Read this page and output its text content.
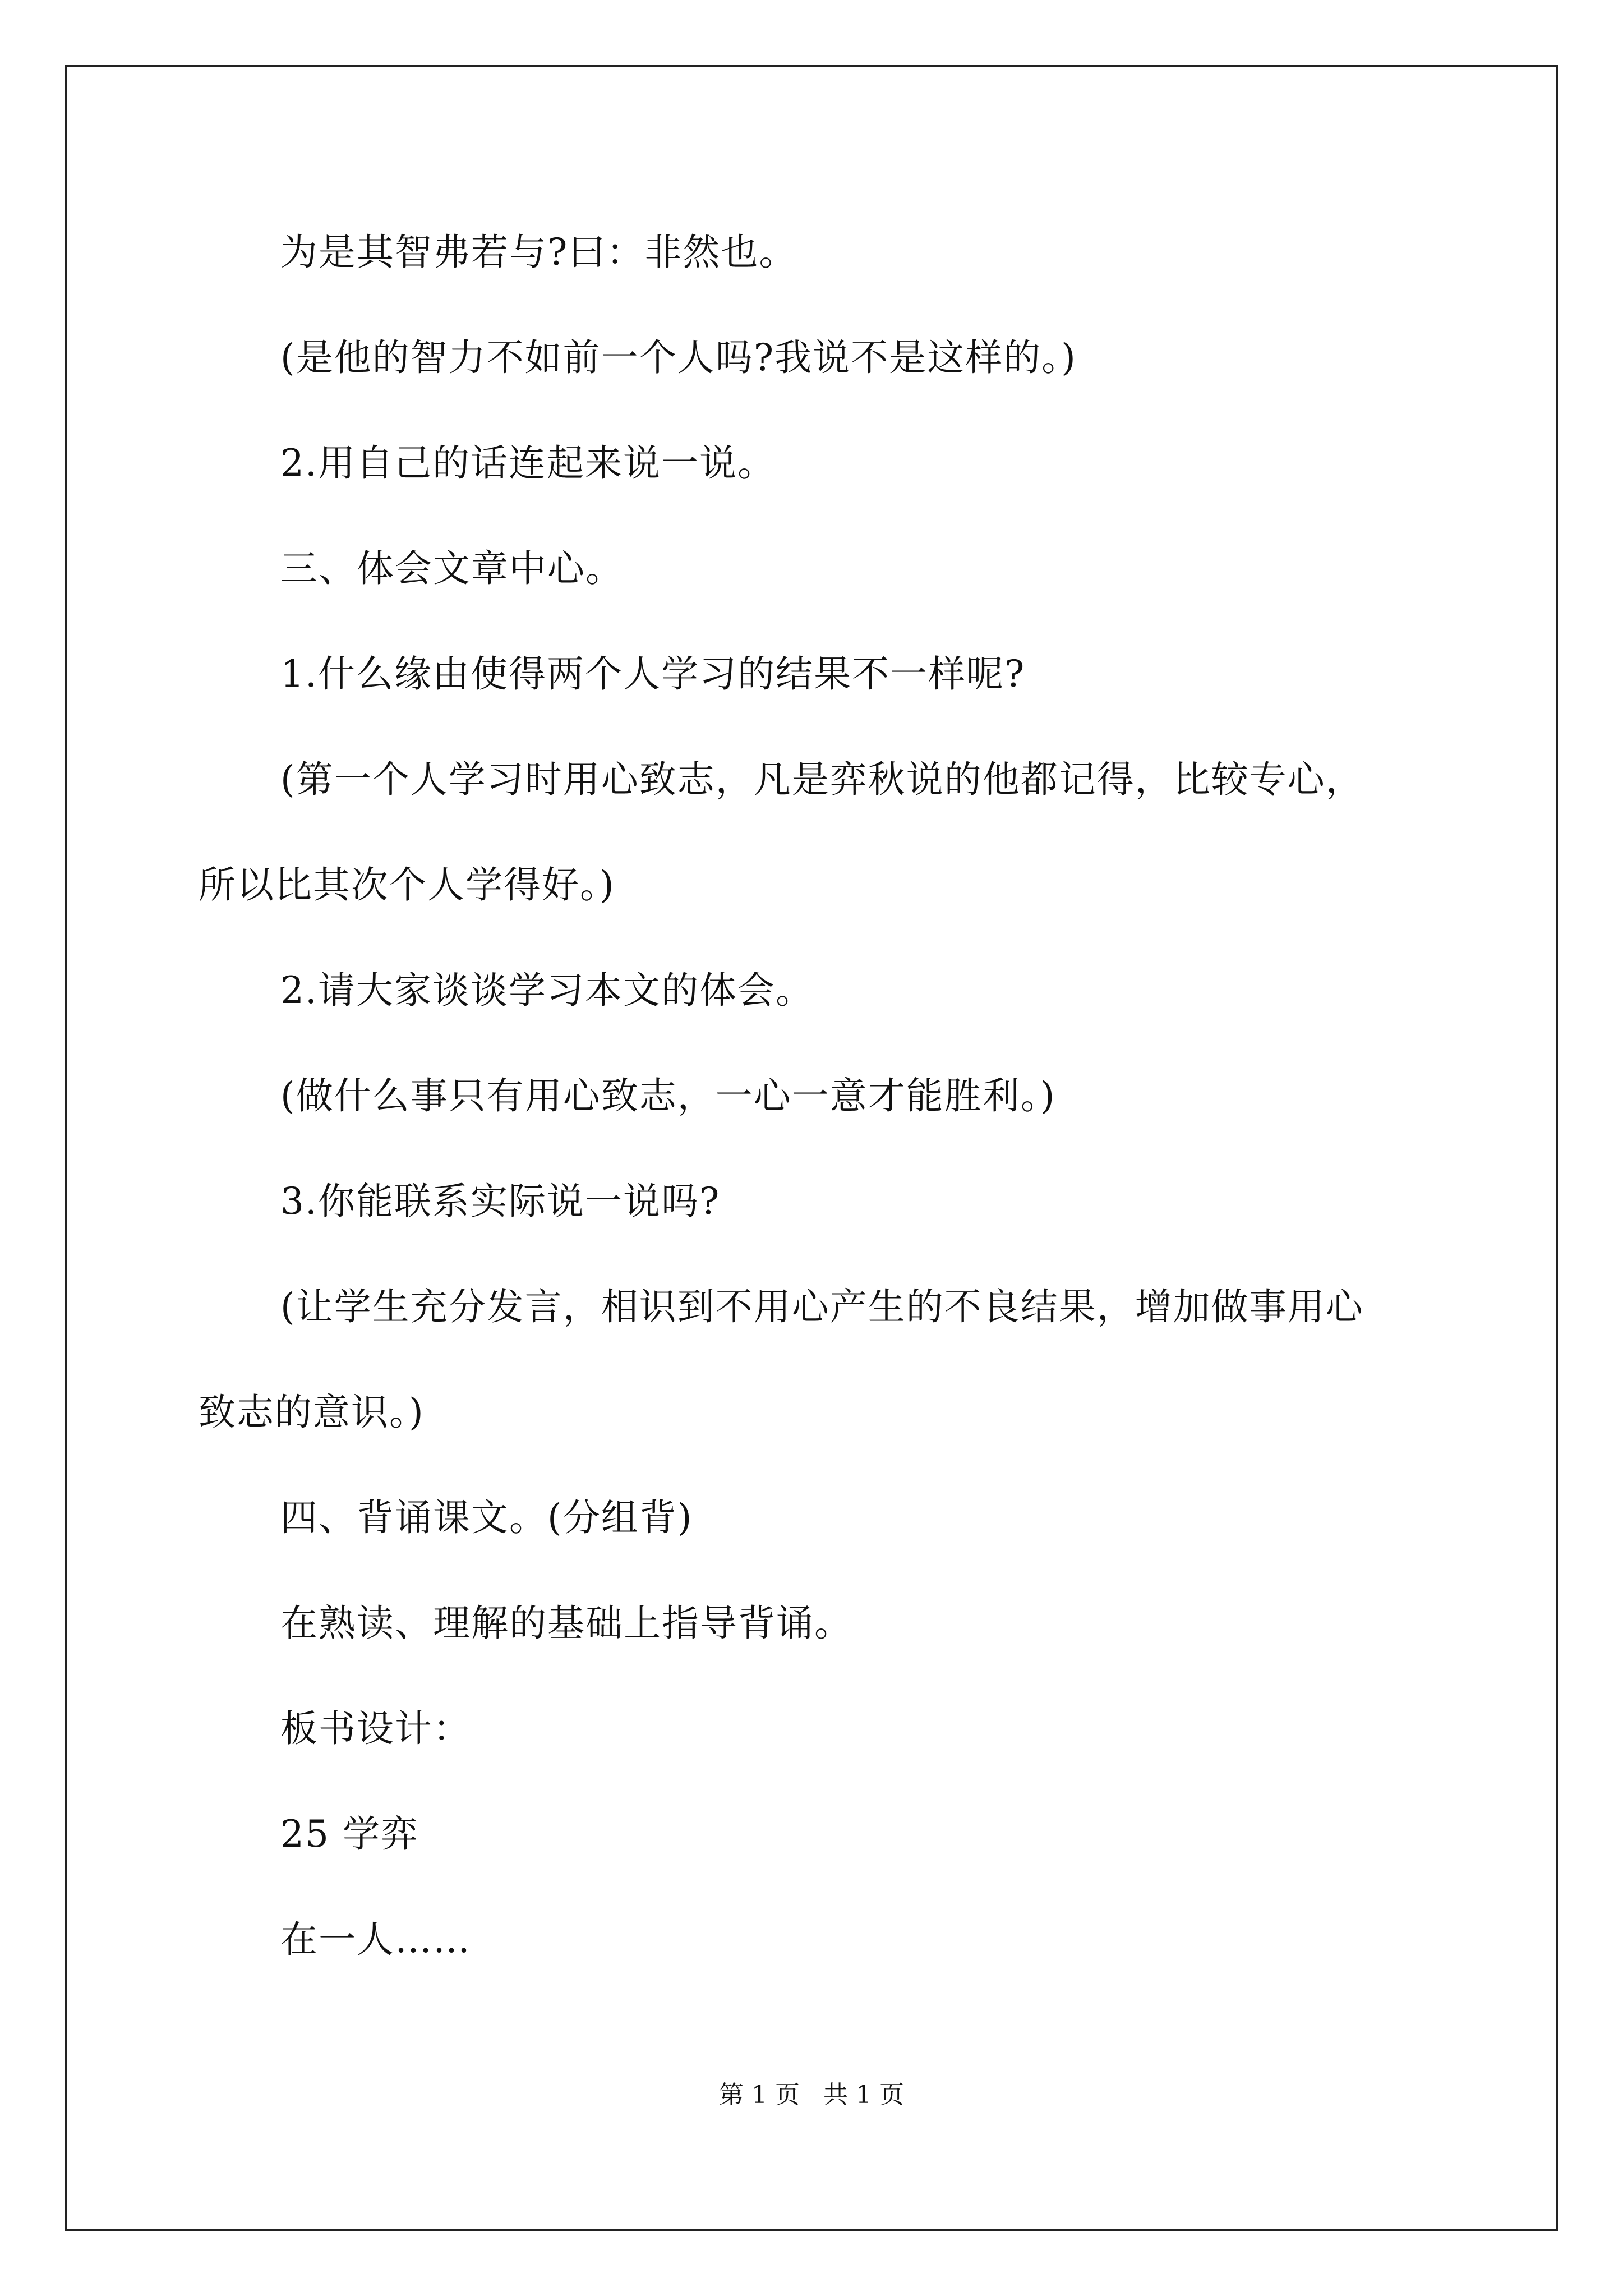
为是其智弗若与?曰：非然也。
(是他的智力不如前一个人吗?我说不是这样的。)
2.用自己的话连起来说一说。
三、体会文章中心。
1.什么缘由使得两个人学习的结果不一样呢?
(第一个人学习时用心致志，凡是弈秋说的他都记得，比较专心，
所以比其次个人学得好。)
2.请大家谈谈学习本文的体会。
(做什么事只有用心致志，一心一意才能胜利。)
3.你能联系实际说一说吗?
(让学生充分发言，相识到不用心产生的不良结果，增加做事用心
致志的意识。)
四、背诵课文。(分组背)
在熟读、理解的基础上指导背诵。
板书设计：
25 学弈
在一人……
第 1 页   共 1 页
